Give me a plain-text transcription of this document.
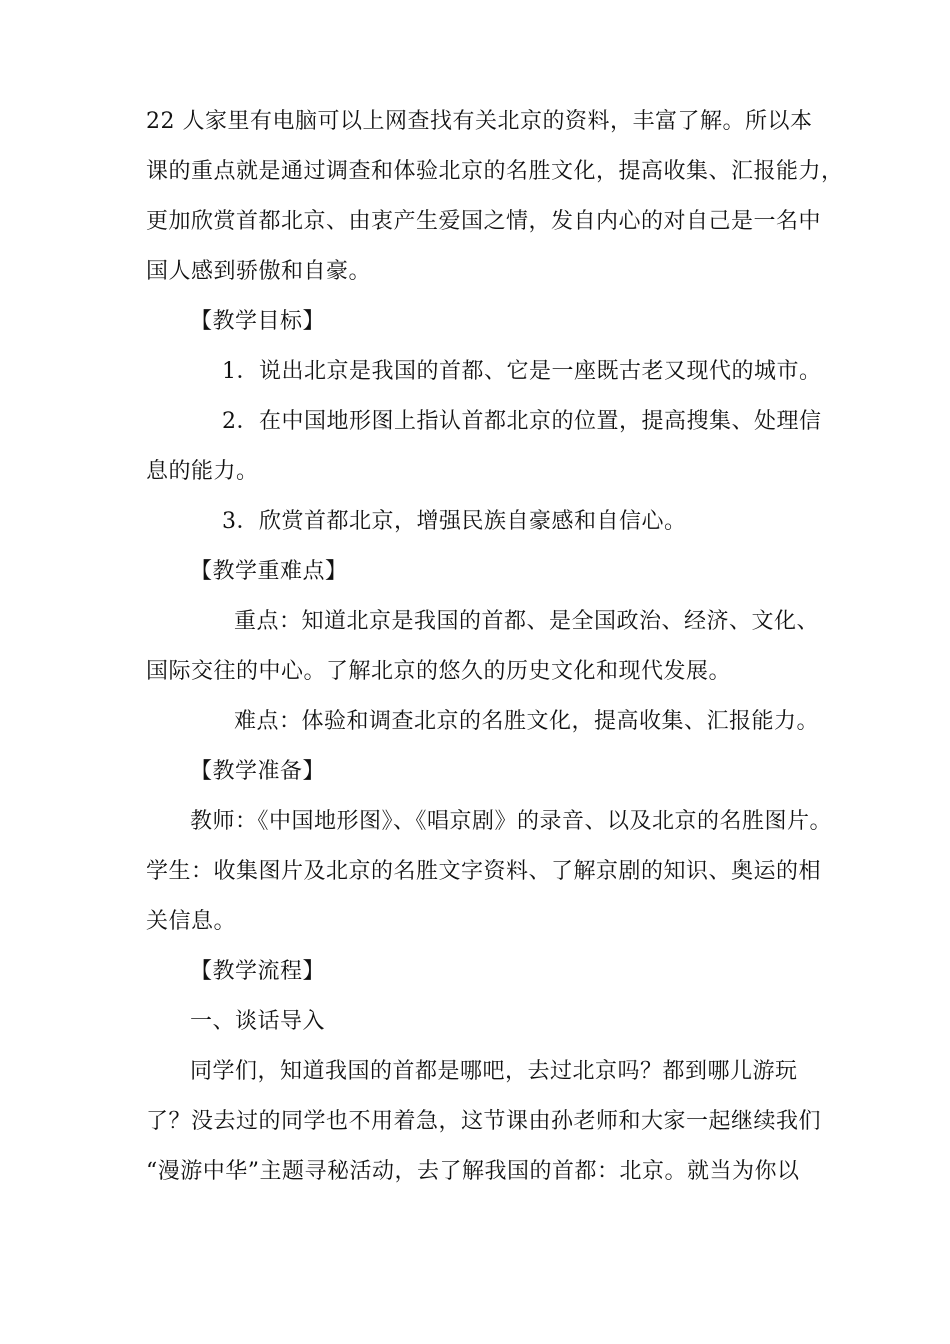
22 人家里有电脑可以上网查找有关北京的资料，丰富了解。所以本
课的重点就是通过调查和体验北京的名胜文化，提高收集、汇报能力，
更加欣赏首都北京、由衷产生爱国之情，发自内心的对自己是一名中
国人感到骄傲和自豪。
【教学目标】
1．说出北京是我国的首都、它是一座既古老又现代的城市。
2．在中国地形图上指认首都北京的位置，提高搜集、处理信
息的能力。
3．欣赏首都北京，增强民族自豪感和自信心。
【教学重难点】
重点：知道北京是我国的首都、是全国政治、经济、文化、
国际交往的中心。了解北京的悠久的历史文化和现代发展。
难点：体验和调查北京的名胜文化，提高收集、汇报能力。
【教学准备】
教师：《中国地形图》、《唱京剧》的录音、以及北京的名胜图片。
学生：收集图片及北京的名胜文字资料、了解京剧的知识、奥运的相
关信息。
【教学流程】
一、谈话导入
同学们，知道我国的首都是哪吧，去过北京吗？都到哪儿游玩
了？没去过的同学也不用着急，这节课由孙老师和大家一起继续我们
“漫游中华”主题寻秘活动，去了解我国的首都：北京。就当为你以
